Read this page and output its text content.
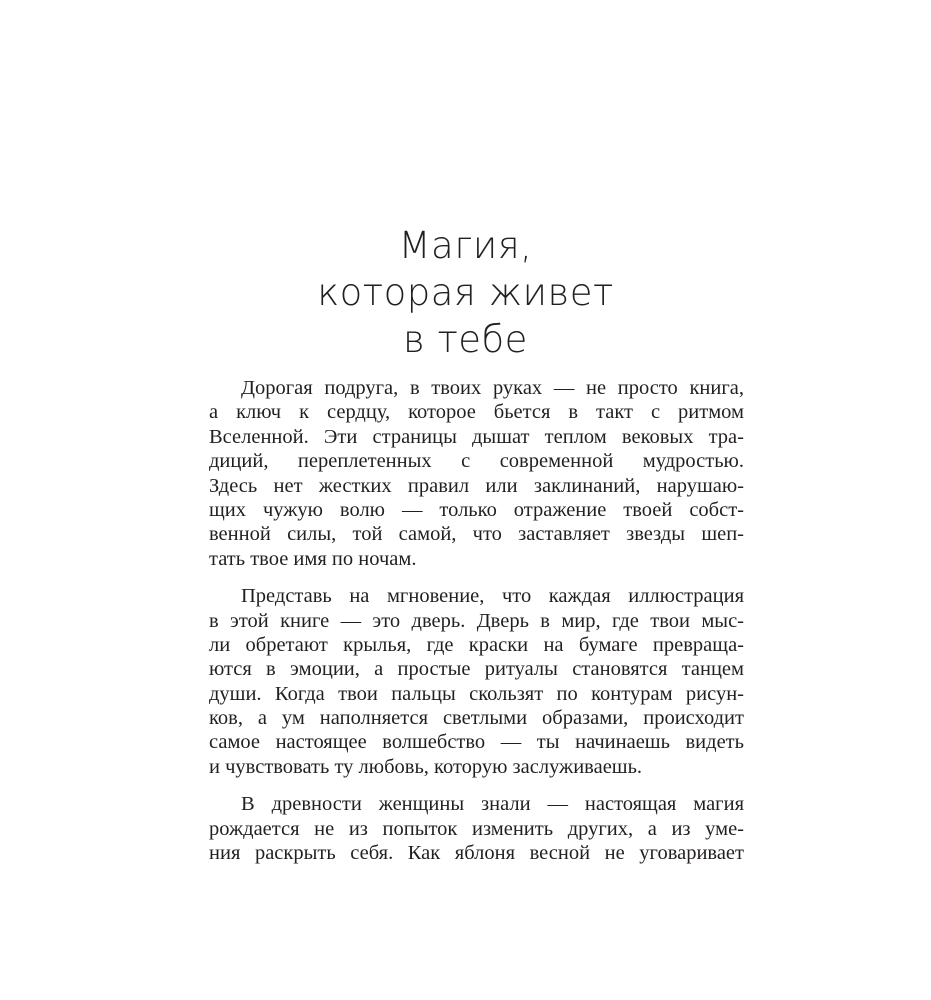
Магия,
которая живет
в тебе
Дорогая подруга, в твоих руках — не просто книга,
а ключ к сердцу, которое бьется в такт с ритмом
Вселенной. Эти страницы дышат теплом вековых тра-
диций, переплетенных с современной мудростью.
Здесь нет жестких правил или заклинаний, нарушаю-
щих чужую волю — только отражение твоей собст-
венной силы, той самой, что заставляет звезды шеп-
тать твое имя по ночам.
Представь на мгновение, что каждая иллюстрация
в этой книге — это дверь. Дверь в мир, где твои мыс-
ли обретают крылья, где краски на бумаге превраща-
ются в эмоции, а простые ритуалы становятся танцем
души. Когда твои пальцы скользят по контурам рисун-
ков, а ум наполняется светлыми образами, происходит
самое настоящее волшебство — ты начинаешь видеть
и чувствовать ту любовь, которую заслуживаешь.
В древности женщины знали — настоящая магия
рождается не из попыток изменить других, а из уме-
ния раскрыть себя. Как яблоня весной не уговаривает
